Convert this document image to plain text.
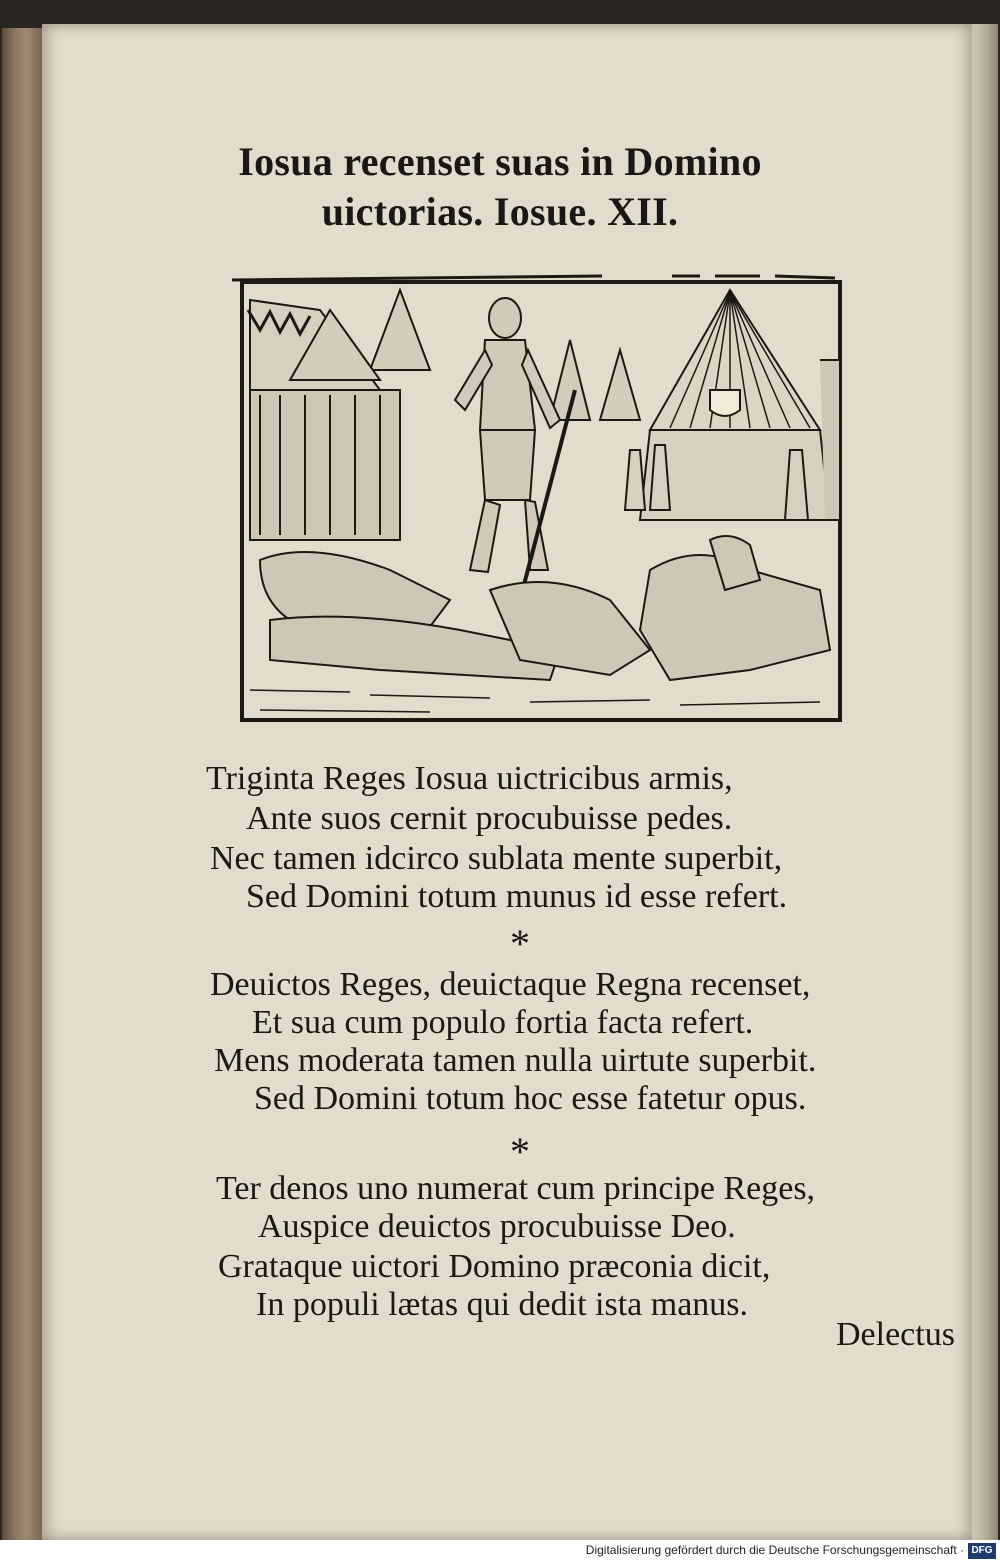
Iosua recenset suas in Domino
uictorias. Iosue. XII.

Triginta Reges Iosua uictricibus armis,

Ante suos cernit procubuisse pedes.

Nec tamen idcirco sublata mente superbit,

Sed Domini totum munus id esse refert.

*

Deuictos Reges, deuictaque Regna recenset,

Et sua cum populo fortia facta refert.

Mens moderata tamen nulla uirtute superbit.

Sed Domini totum hoc esse fatetur opus.

*

Ter denos uno numerat cum principe Reges,

Auspice deuictos procubuisse Deo.

Grataque uictori Domino præconia dicit,

In populi lætas qui dedit ista manus.

Delectus
Digitalisierung gefördert durch die Deutsche Forschungsgemeinschaft · DFG
